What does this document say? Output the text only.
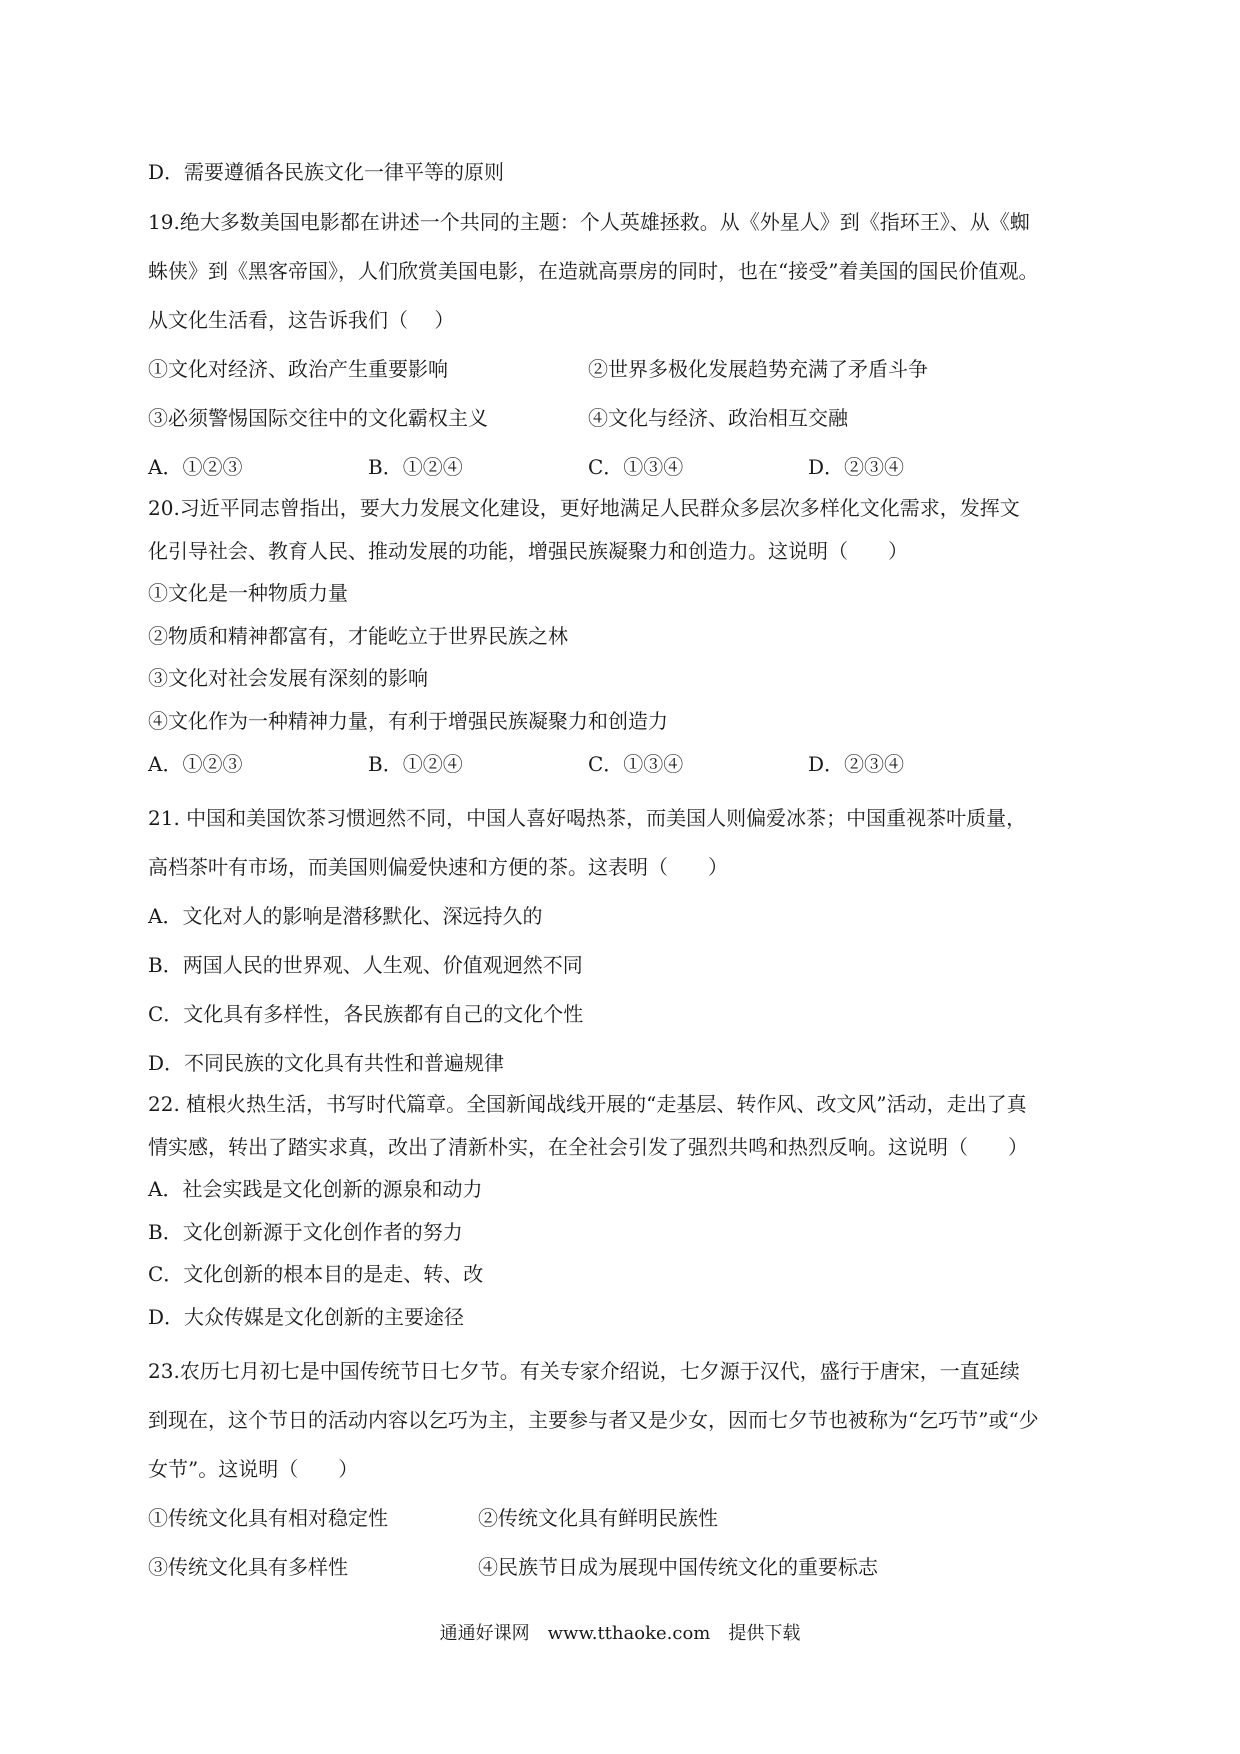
D．需要遵循各民族文化一律平等的原则
19.绝大多数美国电影都在讲述一个共同的主题：个人英雄拯救。从《外星人》到《指环王》、从《蜘
蛛侠》到《黑客帝国》，人们欣赏美国电影，在造就高票房的同时，也在“接受”着美国的国民价值观。
从文化生活看，这告诉我们（　 ）
①文化对经济、政治产生重要影响	②世界多极化发展趋势充满了矛盾斗争
③必须警惕国际交往中的文化霸权主义	④文化与经济、政治相互交融
A．①②③	B．①②④	C．①③④	D．②③④
20.习近平同志曾指出，要大力发展文化建设，更好地满足人民群众多层次多样化文化需求，发挥文
化引导社会、教育人民、推动发展的功能，增强民族凝聚力和创造力。这说明（　　）
①文化是一种物质力量
②物质和精神都富有，才能屹立于世界民族之林
③文化对社会发展有深刻的影响
④文化作为一种精神力量，有利于增强民族凝聚力和创造力
A．①②③	B．①②④	C．①③④	D．②③④
21. 中国和美国饮茶习惯迥然不同，中国人喜好喝热茶，而美国人则偏爱冰茶；中国重视茶叶质量，
高档茶叶有市场，而美国则偏爱快速和方便的茶。这表明（　　）
A．文化对人的影响是潜移默化、深远持久的
B．两国人民的世界观、人生观、价值观迥然不同
C．文化具有多样性，各民族都有自己的文化个性
D．不同民族的文化具有共性和普遍规律
22. 植根火热生活，书写时代篇章。全国新闻战线开展的“走基层、转作风、改文风”活动，走出了真
情实感，转出了踏实求真，改出了清新朴实，在全社会引发了强烈共鸣和热烈反响。这说明（　　）
A．社会实践是文化创新的源泉和动力
B．文化创新源于文化创作者的努力
C．文化创新的根本目的是走、转、改
D．大众传媒是文化创新的主要途径
23.农历七月初七是中国传统节日七夕节。有关专家介绍说，七夕源于汉代，盛行于唐宋，一直延续
到现在，这个节日的活动内容以乞巧为主，主要参与者又是少女，因而七夕节也被称为“乞巧节”或“少
女节”。这说明（　　）
①传统文化具有相对稳定性	②传统文化具有鲜明民族性
③传统文化具有多样性	④民族节日成为展现中国传统文化的重要标志
通通好课网　www.tthaoke.com　提供下载
